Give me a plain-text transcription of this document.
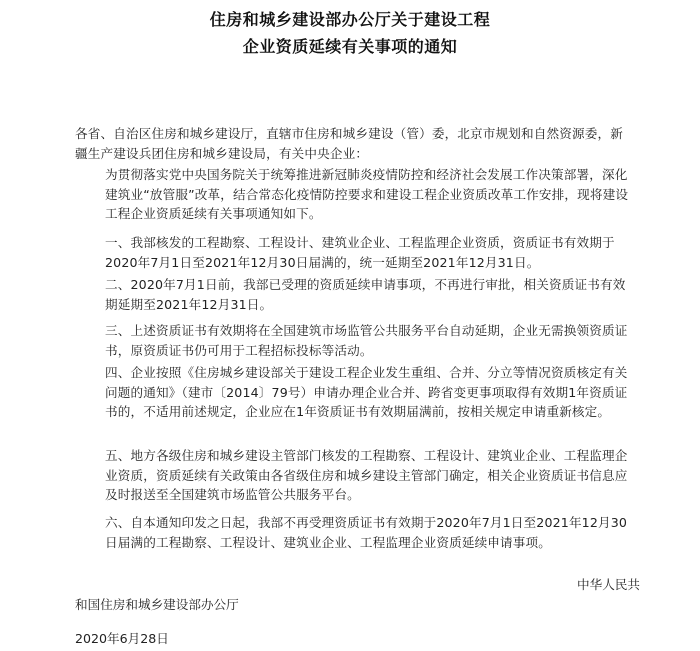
住房和城乡建设部办公厅关于建设工程
企业资质延续有关事项的通知
各省、自治区住房和城乡建设厅，直辖市住房和城乡建设（管）委，北京市规划和自然资源委，新疆生产建设兵团住房和城乡建设局，有关中央企业：
为贯彻落实党中央国务院关于统筹推进新冠肺炎疫情防控和经济社会发展工作决策部署，深化建筑业“放管服”改革，结合常态化疫情防控要求和建设工程企业资质改革工作安排，现将建设工程企业资质延续有关事项通知如下。
一、我部核发的工程勘察、工程设计、建筑业企业、工程监理企业资质，资质证书有效期于2020年7月1日至2021年12月30日届满的，统一延期至2021年12月31日。
二、2020年7月1日前，我部已受理的资质延续申请事项，不再进行审批，相关资质证书有效期延期至2021年12月31日。
三、上述资质证书有效期将在全国建筑市场监管公共服务平台自动延期，企业无需换领资质证书，原资质证书仍可用于工程招标投标等活动。
四、企业按照《住房城乡建设部关于建设工程企业发生重组、合并、分立等情况资质核定有关问题的通知》（建市〔2014〕79号）申请办理企业合并、跨省变更事项取得有效期1年资质证书的，不适用前述规定，企业应在1年资质证书有效期届满前，按相关规定申请重新核定。
五、地方各级住房和城乡建设主管部门核发的工程勘察、工程设计、建筑业企业、工程监理企业资质，资质延续有关政策由各省级住房和城乡建设主管部门确定，相关企业资质证书信息应及时报送至全国建筑市场监管公共服务平台。
六、自本通知印发之日起，我部不再受理资质证书有效期于2020年7月1日至2021年12月30日届满的工程勘察、工程设计、建筑业企业、工程监理企业资质延续申请事项。
中华人民共
和国住房和城乡建设部办公厅
2020年6月28日
